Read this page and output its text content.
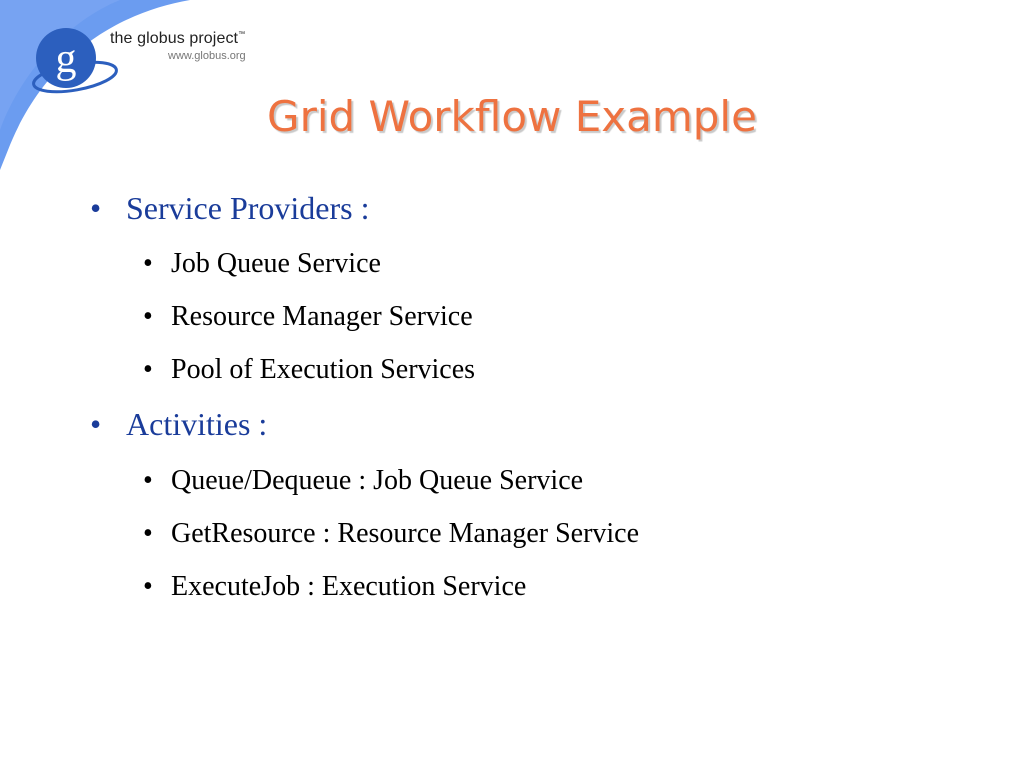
g the globus project™
www.globus.org
Grid Workflow Example
• Service Providers :
• Job Queue Service
• Resource Manager Service
• Pool of Execution Services
• Activities :
• Queue/Dequeue : Job Queue Service
• GetResource : Resource Manager Service
• ExecuteJob : Execution Service
